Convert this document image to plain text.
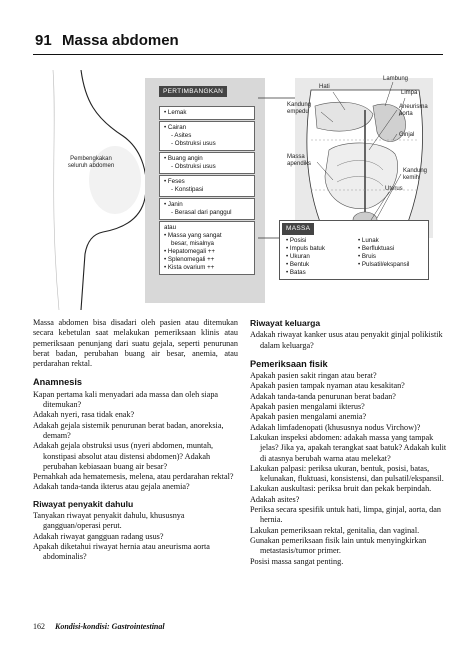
91 Massa abdomen
Pembengkakan seluruh abdomen
PERTIMBANGKAN
• Lemak
• Cairan
- Asites
- Obstruksi usus
• Buang angin
- Obstruksi usus
• Feses
- Konstipasi
• Janin
- Berasal dari panggul
atau
• Massa yang sangat
besar, misalnya
• Hepatomegali ++
• Splenomegali ++
• Kista ovarium ++
Hati
Lambung
Limpa
Kandung empedu
Aneurisma aorta
Ginjal
Massa apendiks
Kandung kemih
Uterus
MASSA
• Posisi
• Impuls batuk
• Ukuran
• Bentuk
• Batas
• Lunak
• Berfluktuasi
• Bruis
• Pulsatil/ekspansil

Massa abdomen bisa disadari oleh pasien atau ditemukan secara kebetulan saat melakukan pemeriksaan klinis atau pemeriksaan penunjang dari suatu gejala, seperti penurunan berat badan, perubahan buang air besar, anemia, atau perdarahan rektal.

Anamnesis

Kapan pertama kali menyadari ada massa dan oleh siapa ditemukan?

Adakah nyeri, rasa tidak enak?

Adakah gejala sistemik penurunan berat badan, anoreksia, demam?

Adakah gejala obstruksi usus (nyeri abdomen, muntah, konstipasi absolut atau distensi abdomen)? Adakah perubahan kebiasaan buang air besar?

Pernahkah ada hematemesis, melena, atau perdarahan rektal?

Adakah tanda-tanda ikterus atau gejala anemia?

Riwayat penyakit dahulu

Tanyakan riwayat penyakit dahulu, khususnya gangguan/operasi perut.

Adakah riwayat gangguan radang usus?

Apakah diketahui riwayat hernia atau aneurisma aorta abdominalis?

Riwayat keluarga

Adakah riwayat kanker usus atau penyakit ginjal polikistik dalam keluarga?

Pemeriksaan fisik

Apakah pasien sakit ringan atau berat?

Apakah pasien tampak nyaman atau kesakitan?

Adakah tanda-tanda penurunan berat badan?

Apakah pasien mengalami ikterus?

Apakah pasien mengalami anemia?

Adakah limfadenopati (khususnya nodus Virchow)?

Lakukan inspeksi abdomen: adakah massa yang tampak jelas? Jika ya, apakah terangkat saat batuk? Adakah kulit di atasnya berubah warna atau melekat?

Lakukan palpasi: periksa ukuran, bentuk, posisi, batas, kelunakan, fluktuasi, konsistensi, dan pulsatil/ekspansil.

Lakukan auskultasi: periksa bruit dan pekak berpindah.

Adakah asites?

Periksa secara spesifik untuk hati, limpa, ginjal, aorta, dan hernia.

Lakukan pemeriksaan rektal, genitalia, dan vaginal.

Gunakan pemeriksaan fisik lain untuk menyingkirkan metastasis/tumor primer.

Posisi massa sangat penting.

162 Kondisi-kondisi: Gastrointestinal
